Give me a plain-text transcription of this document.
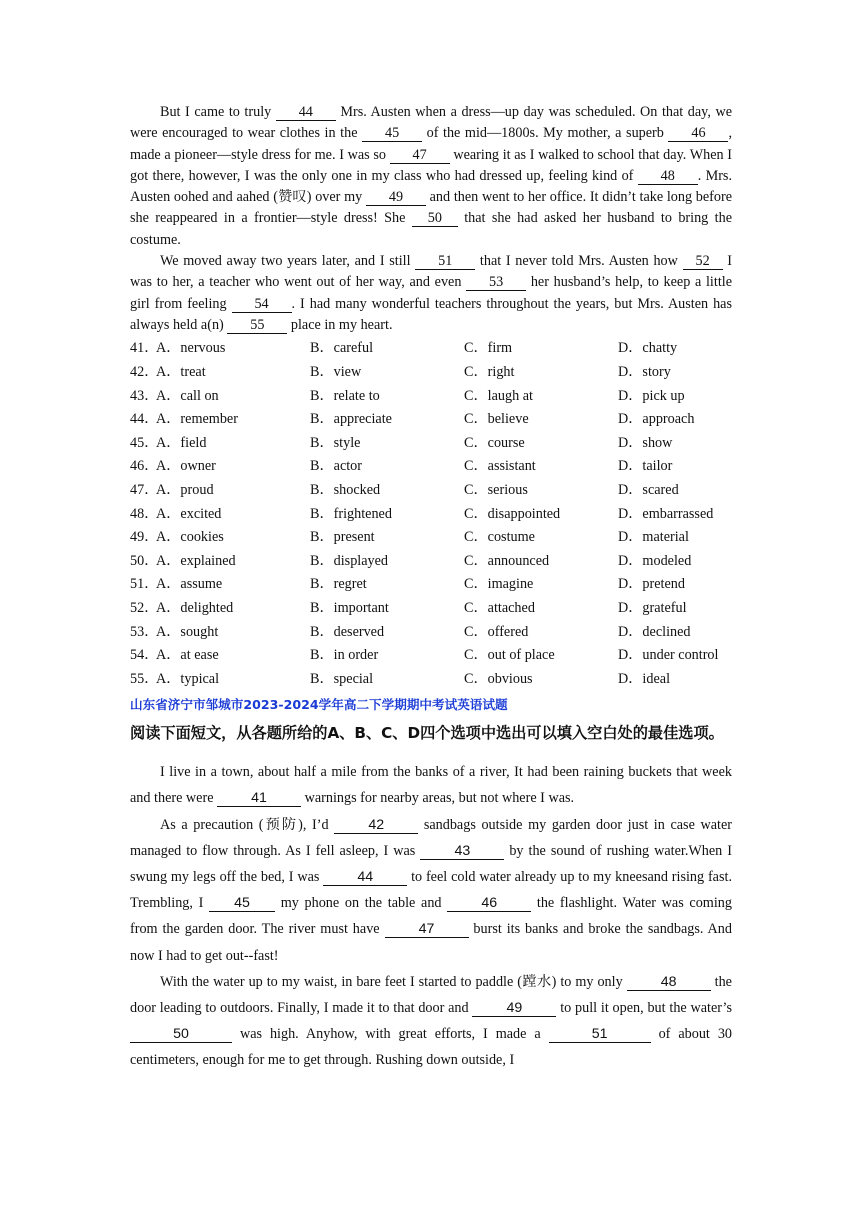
But I came to truly 44 Mrs. Austen when a dress—up day was scheduled. On that day, we were encouraged to wear clothes in the 45 of the mid—1800s. My mother, a superb 46 , made a pioneer—style dress for me. I was so 47 wearing it as I walked to school that day. When I got there, however, I was the only one in my class who had dressed up, feeling kind of 48 . Mrs. Austen oohed and aahed (赞叹) over my 49 and then went to her office. It didn’t take long before she reappeared in a frontier—style dress! She 50 that she had asked her husband to bring the costume.

We moved away two years later, and I still 51 that I never told Mrs. Austen how 52 I was to her, a teacher who went out of her way, and even 53 her husband’s help, to keep a little girl from feeling 54 . I had many wonderful teachers throughout the years, but Mrs. Austen has always held a(n) 55 place in my heart.

41．
A．nervous	B．careful	C．firm	D．chatty
42．
A．treat	B．view	C．right	D．story
43．
A．call on	B．relate to	C．laugh at	D．pick up
44．
A．remember	B．appreciate	C．believe	D．approach
45．
A．field	B．style	C．course	D．show
46．
A．owner	B．actor	C．assistant	D．tailor
47．
A．proud	B．shocked	C．serious	D．scared
48．
A．excited	B．frightened	C．disappointed	D．embarrassed
49．
A．cookies	B．present	C．costume	D．material
50．
A．explained	B．displayed	C．announced	D．modeled
51．
A．assume	B．regret	C．imagine	D．pretend
52．
A．delighted	B．important	C．attached	D．grateful
53．
A．sought	B．deserved	C．offered	D．declined
54．
A．at ease	B．in order	C．out of place	D．under control
55．
A．typical	B．special	C．obvious	D．ideal
山东省济宁市邹城市2023-2024学年高二下学期期中考试英语试题

阅读下面短文，从各题所给的A、B、C、D四个选项中选出可以填入空白处的最佳选项。

I live in a town, about half a mile from the banks of a river, It had been raining buckets that week and there were 41 warnings for nearby areas, but not where I was.

As a precaution (预防), I’d 42 sandbags outside my garden door just in case water managed to flow through. As I fell asleep, I was 43 by the sound of rushing water.When I swung my legs off the bed, I was 44 to feel cold water already up to my kneesand rising fast. Trembling, I 45 my phone on the table and 46 the flashlight. Water was coming from the garden door. The river must have 47 burst its banks and broke the sandbags. And now I had to get out--fast!

With the water up to my waist, in bare feet I started to paddle (蹚水) to my only 48 the door leading to outdoors. Finally, I made it to that door and 49 to pull it open, but the water’s 50	was high. Anyhow, with great efforts, I made a	51	of about 30 centimeters, enough for me to get through. Rushing down outside, I
